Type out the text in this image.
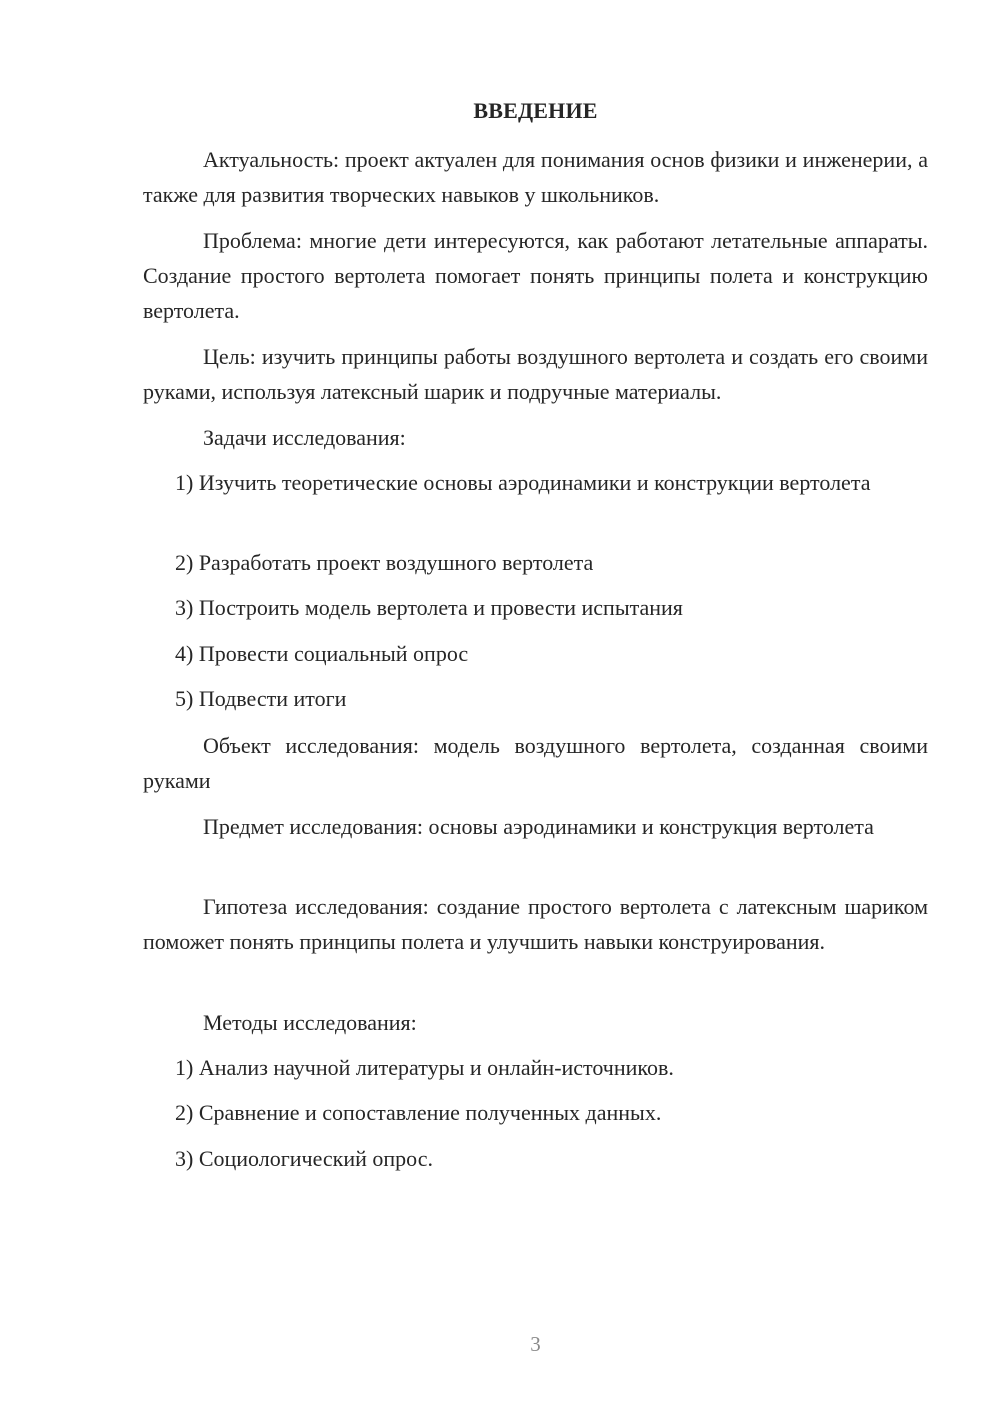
ВВЕДЕНИЕ

Актуальность: проект актуален для понимания основ физики и инженерии, а также для развития творческих навыков у школьников.

Проблема: многие дети интересуются, как работают летательные аппараты. Создание простого вертолета помогает понять принципы полета и конструкцию вертолета.

Цель: изучить принципы работы воздушного вертолета и создать его своими руками, используя латексный шарик и подручные материалы.

Задачи исследования:

1) Изучить теоретические основы аэродинамики и конструкции вертолета

2) Разработать проект воздушного вертолета

3) Построить модель вертолета и провести испытания

4) Провести социальный опрос

5) Подвести итоги

Объект исследования: модель воздушного вертолета, созданная своими руками

Предмет исследования: основы аэродинамики и конструкция вертолета

Гипотеза исследования: создание простого вертолета с латексным шариком поможет понять принципы полета и улучшить навыки конструирования.

Методы исследования:

1) Анализ научной литературы и онлайн-источников.

2) Сравнение и сопоставление полученных данных.

3) Социологический опрос.

3
